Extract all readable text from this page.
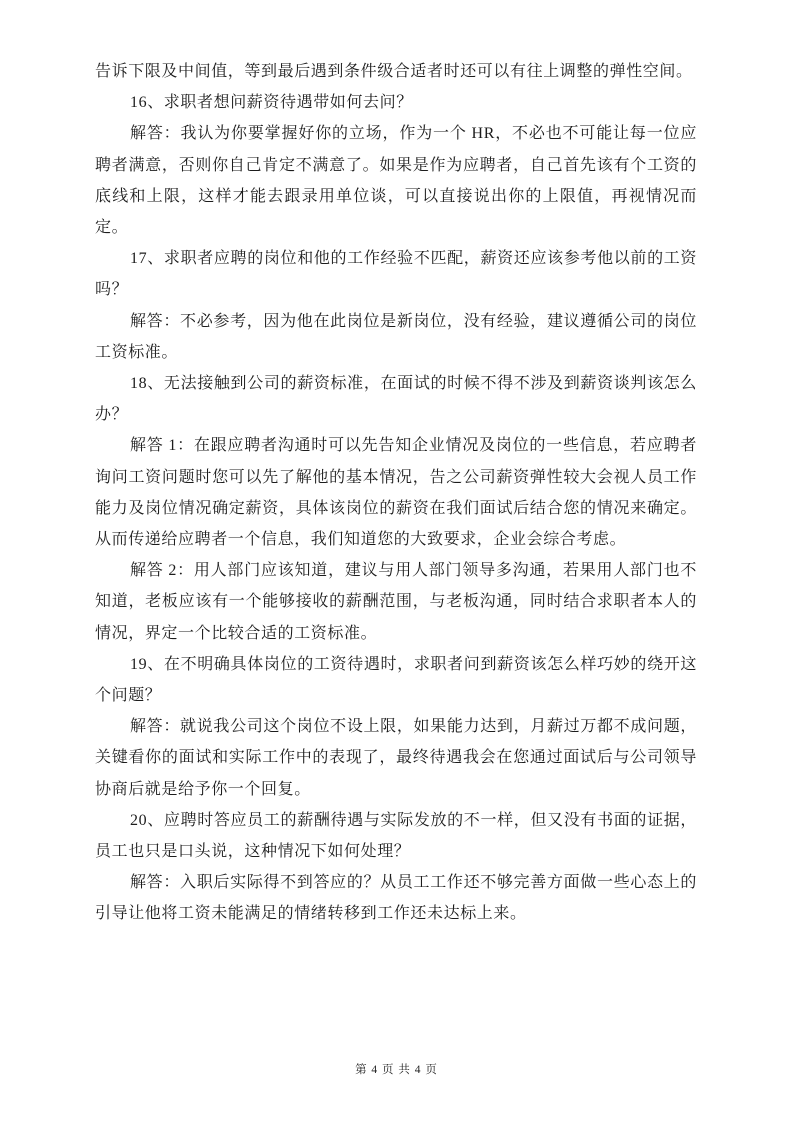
告诉下限及中间值，等到最后遇到条件级合适者时还可以有往上调整的弹性空间。

16、求职者想问薪资待遇带如何去问？

解答：我认为你要掌握好你的立场，作为一个 HR，不必也不可能让每一位应聘者满意，否则你自己肯定不满意了。如果是作为应聘者，自己首先该有个工资的底线和上限，这样才能去跟录用单位谈，可以直接说出你的上限值，再视情况而定。

17、求职者应聘的岗位和他的工作经验不匹配，薪资还应该参考他以前的工资吗？

解答：不必参考，因为他在此岗位是新岗位，没有经验，建议遵循公司的岗位工资标准。

18、无法接触到公司的薪资标准，在面试的时候不得不涉及到薪资谈判该怎么办？

解答 1：在跟应聘者沟通时可以先告知企业情况及岗位的一些信息，若应聘者询问工资问题时您可以先了解他的基本情况，告之公司薪资弹性较大会视人员工作能力及岗位情况确定薪资，具体该岗位的薪资在我们面试后结合您的情况来确定。从而传递给应聘者一个信息，我们知道您的大致要求，企业会综合考虑。

解答 2：用人部门应该知道，建议与用人部门领导多沟通，若果用人部门也不知道，老板应该有一个能够接收的薪酬范围，与老板沟通，同时结合求职者本人的情况，界定一个比较合适的工资标准。

19、在不明确具体岗位的工资待遇时，求职者问到薪资该怎么样巧妙的绕开这个问题？

解答：就说我公司这个岗位不设上限，如果能力达到，月薪过万都不成问题，关键看你的面试和实际工作中的表现了，最终待遇我会在您通过面试后与公司领导协商后就是给予你一个回复。

20、应聘时答应员工的薪酬待遇与实际发放的不一样，但又没有书面的证据，员工也只是口头说，这种情况下如何处理？

解答：入职后实际得不到答应的？从员工工作还不够完善方面做一些心态上的引导让他将工资未能满足的情绪转移到工作还未达标上来。

第 4 页 共 4 页
